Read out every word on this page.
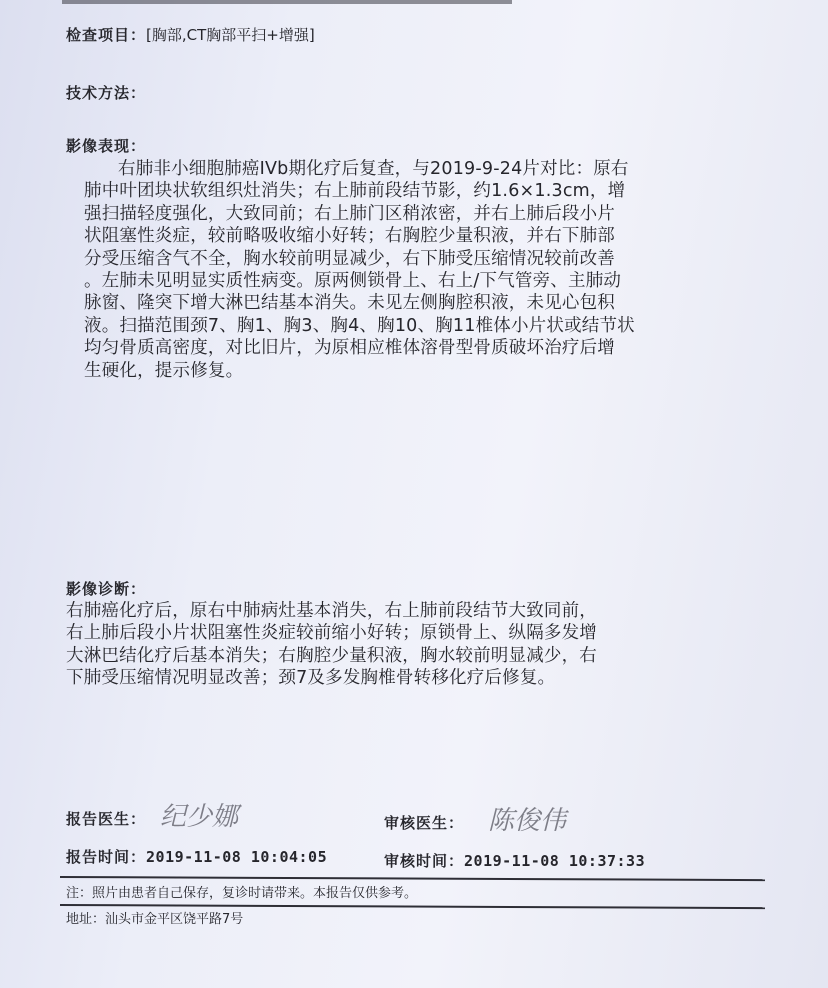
检查项目：[胸部,CT胸部平扫+增强]
技术方法：
影像表现：
右肺非小细胞肺癌IVb期化疗后复查，与2019-9-24片对比：原右
肺中叶团块状软组织灶消失；右上肺前段结节影，约1.6×1.3cm，增
强扫描轻度强化，大致同前；右上肺门区稍浓密，并右上肺后段小片
状阻塞性炎症，较前略吸收缩小好转；右胸腔少量积液，并右下肺部
分受压缩含气不全，胸水较前明显减少，右下肺受压缩情况较前改善
。左肺未见明显实质性病变。原两侧锁骨上、右上/下气管旁、主肺动
脉窗、隆突下增大淋巴结基本消失。未见左侧胸腔积液，未见心包积
液。扫描范围颈7、胸1、胸3、胸4、胸10、胸11椎体小片状或结节状
均匀骨质高密度，对比旧片，为原相应椎体溶骨型骨质破坏治疗后增
生硬化，提示修复。
影像诊断：
右肺癌化疗后，原右中肺病灶基本消失，右上肺前段结节大致同前，
右上肺后段小片状阻塞性炎症较前缩小好转；原锁骨上、纵隔多发增
大淋巴结化疗后基本消失；右胸腔少量积液，胸水较前明显减少，右
下肺受压缩情况明显改善；颈7及多发胸椎骨转移化疗后修复。
报告医生： 纪少娜	审核医生： 陈俊伟
报告时间：2019-11-08 10:04:05	审核时间：2019-11-08 10:37:33
注：照片由患者自己保存，复诊时请带来。本报告仅供参考。
地址：汕头市金平区饶平路7号
